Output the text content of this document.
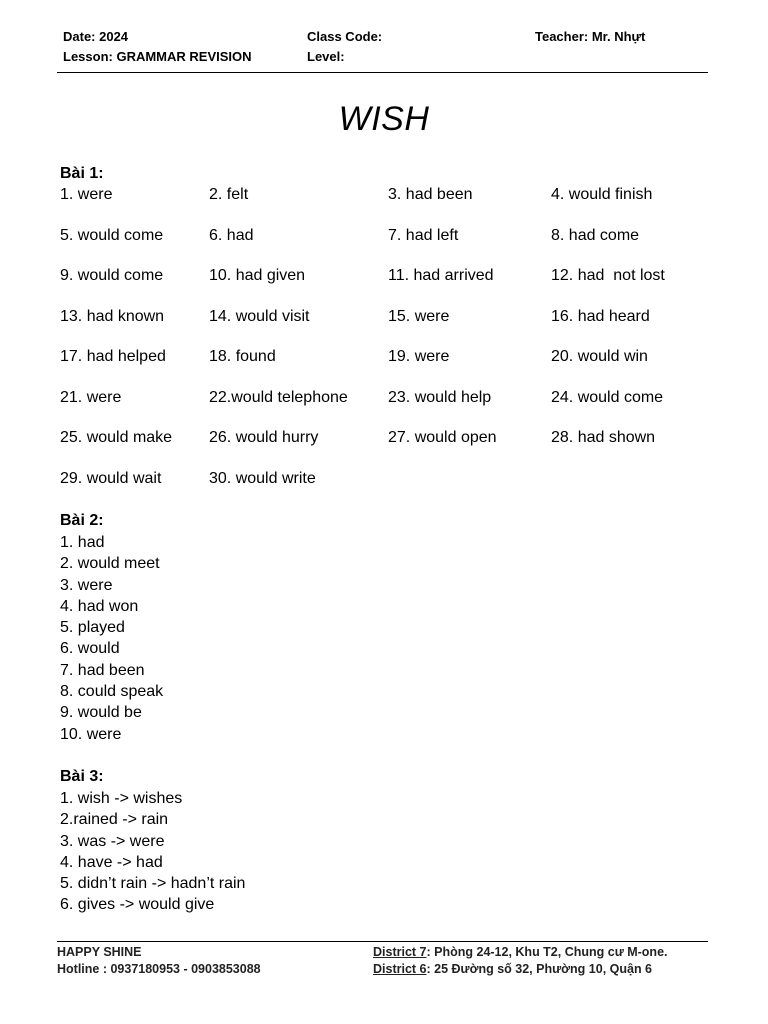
Date: 2024
Lesson: GRAMMAR REVISION
Class Code:
Level:
Teacher: Mr. Nhựt
WISH
Bài 1:
1. were	2. felt	3. had been	4. would finish
5. would come	6. had	7. had left	8. had come
9. would come	10. had given	11. had arrived	12. had  not lost
13. had known	14. would visit	15. were	16. had heard
17. had helped	18. found	19. were	20. would win
21. were	22.would telephone	23. would help	24. would come
25. would make 26. would hurry	27. would open	28. had shown
29. would wait	30. would write
Bài 2:
1. had
2. would meet
3. were
4. had won
5. played
6. would
7. had been
8. could speak
9. would be
10. were
Bài 3:
1. wish -> wishes
2.rained -> rain
3. was -> were
4. have -> had
5. didn’t rain -> hadn’t rain
6. gives -> would give
HAPPY SHINE
Hotline : 0937180953 - 0903853088
District 7: Phòng 24-12, Khu T2, Chung cư M-one.
District 6: 25 Đường số 32, Phường 10, Quận 6
